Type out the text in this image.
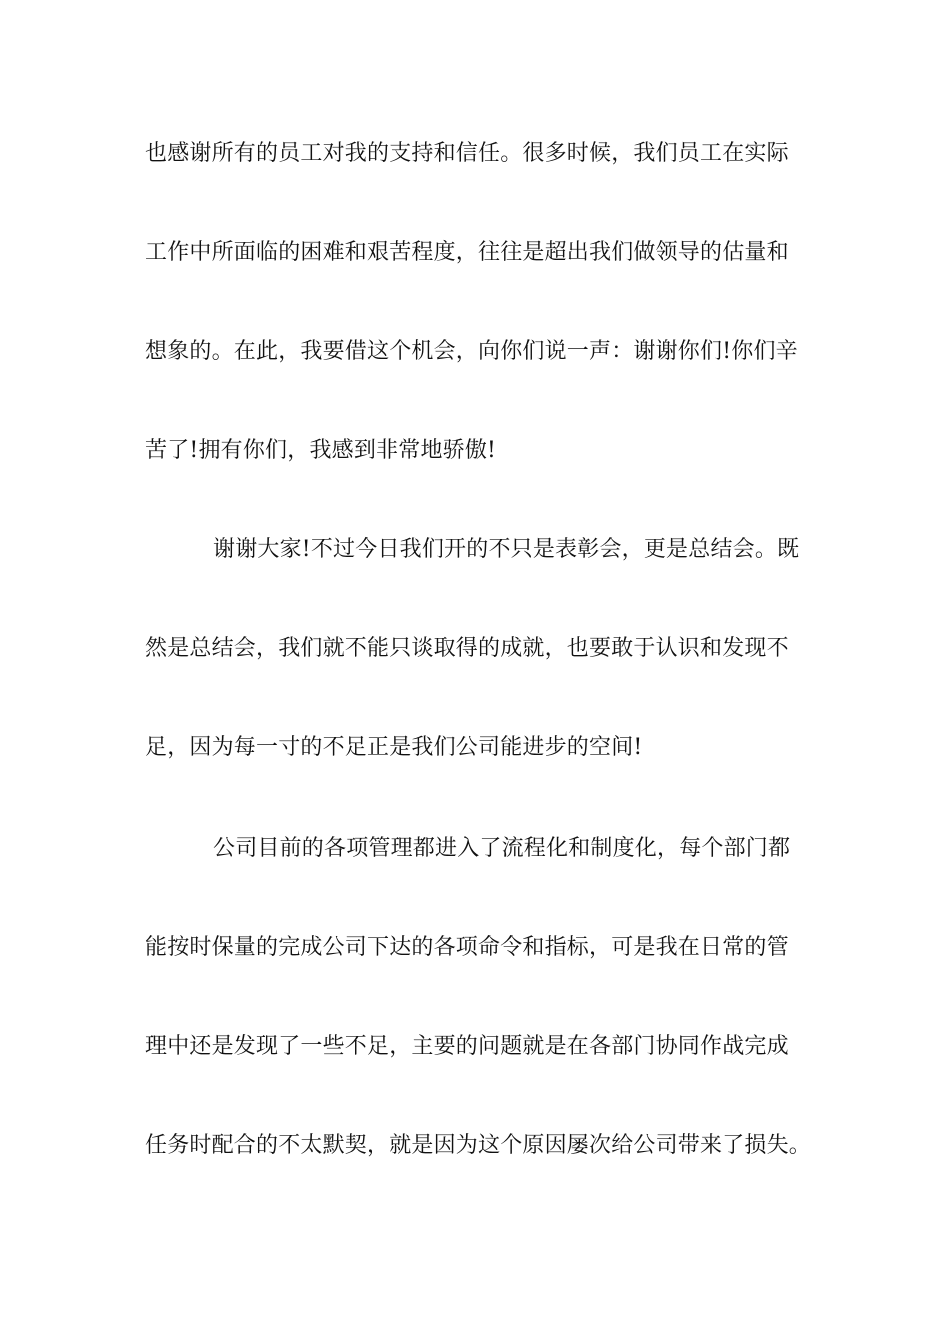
也感谢所有的员工对我的支持和信任。很多时候，我们员工在实际
工作中所面临的困难和艰苦程度，往往是超出我们做领导的估量和
想象的。在此，我要借这个机会，向你们说一声：谢谢你们!你们辛
苦了!拥有你们，我感到非常地骄傲!
谢谢大家!不过今日我们开的不只是表彰会，更是总结会。既
然是总结会，我们就不能只谈取得的成就，也要敢于认识和发现不
足，因为每一寸的不足正是我们公司能进步的空间!
公司目前的各项管理都进入了流程化和制度化，每个部门都
能按时保量的完成公司下达的各项命令和指标，可是我在日常的管
理中还是发现了一些不足，主要的问题就是在各部门协同作战完成
任务时配合的不太默契，就是因为这个原因屡次给公司带来了损失。
